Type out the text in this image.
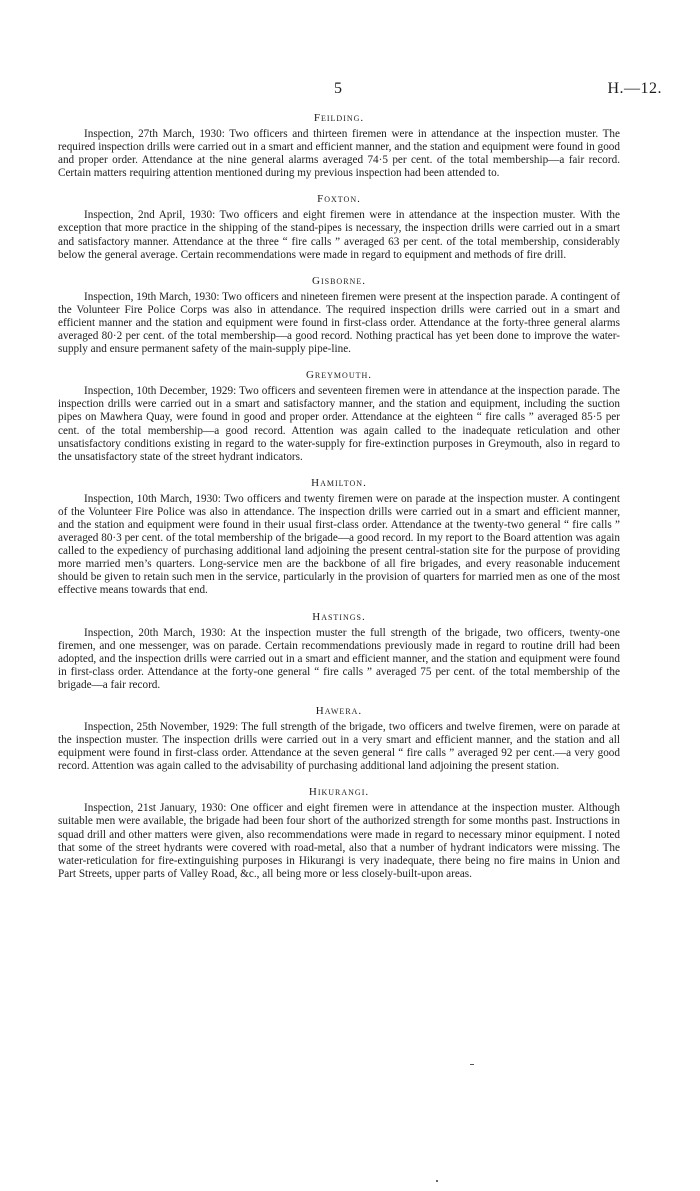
5	H.—12.
Feilding.

Inspection, 27th March, 1930: Two officers and thirteen firemen were in attendance at the inspection muster. The required inspection drills were carried out in a smart and efficient manner, and the station and equipment were found in good and proper order. Attendance at the nine general alarms averaged 74·5 per cent. of the total membership—a fair record. Certain matters requiring attention mentioned during my previous inspection had been attended to.

Foxton.

Inspection, 2nd April, 1930: Two officers and eight firemen were in attendance at the inspection muster. With the exception that more practice in the shipping of the stand-pipes is necessary, the inspection drills were carried out in a smart and satisfactory manner. Attendance at the three “ fire calls ” averaged 63 per cent. of the total membership, considerably below the general average. Certain recommendations were made in regard to equipment and methods of fire drill.

Gisborne.

Inspection, 19th March, 1930: Two officers and nineteen firemen were present at the inspection parade. A contingent of the Volunteer Fire Police Corps was also in attendance. The required inspection drills were carried out in a smart and efficient manner and the station and equipment were found in first-class order. Attendance at the forty-three general alarms averaged 80·2 per cent. of the total membership—a good record. Nothing practical has yet been done to improve the water-supply and ensure permanent safety of the main-supply pipe-line.

Greymouth.

Inspection, 10th December, 1929: Two officers and seventeen firemen were in attendance at the inspection parade. The inspection drills were carried out in a smart and satisfactory manner, and the station and equipment, including the suction pipes on Mawhera Quay, were found in good and proper order. Attendance at the eighteen “ fire calls ” averaged 85·5 per cent. of the total membership—a good record. Attention was again called to the inadequate reticulation and other unsatisfactory conditions existing in regard to the water-supply for fire-extinction purposes in Greymouth, also in regard to the unsatisfactory state of the street hydrant indicators.

Hamilton.

Inspection, 10th March, 1930: Two officers and twenty firemen were on parade at the inspection muster. A contingent of the Volunteer Fire Police was also in attendance. The inspection drills were carried out in a smart and efficient manner, and the station and equipment were found in their usual first-class order. Attendance at the twenty-two general “ fire calls ” averaged 80·3 per cent. of the total membership of the brigade—a good record. In my report to the Board attention was again called to the expediency of purchasing additional land adjoining the present central-station site for the purpose of providing more married men’s quarters. Long-service men are the backbone of all fire brigades, and every reasonable inducement should be given to retain such men in the service, particularly in the provision of quarters for married men as one of the most effective means towards that end.

Hastings.

Inspection, 20th March, 1930: At the inspection muster the full strength of the brigade, two officers, twenty-one firemen, and one messenger, was on parade. Certain recommendations previously made in regard to routine drill had been adopted, and the inspection drills were carried out in a smart and efficient manner, and the station and equipment were found in first-class order. Attendance at the forty-one general “ fire calls ” averaged 75 per cent. of the total membership of the brigade—a fair record.

Hawera.

Inspection, 25th November, 1929: The full strength of the brigade, two officers and twelve firemen, were on parade at the inspection muster. The inspection drills were carried out in a very smart and efficient manner, and the station and all equipment were found in first-class order. Attendance at the seven general “ fire calls ” averaged 92 per cent.—a very good record. Attention was again called to the advisability of purchasing additional land adjoining the present station.

Hikurangi.

Inspection, 21st January, 1930: One officer and eight firemen were in attendance at the inspection muster. Although suitable men were available, the brigade had been four short of the authorized strength for some months past. Instructions in squad drill and other matters were given, also recommendations were made in regard to necessary minor equipment. I noted that some of the street hydrants were covered with road-metal, also that a number of hydrant indicators were missing. The water-reticulation for fire-extinguishing purposes in Hikurangi is very inadequate, there being no fire mains in Union and Part Streets, upper parts of Valley Road, &c., all being more or less closely-built-upon areas.
